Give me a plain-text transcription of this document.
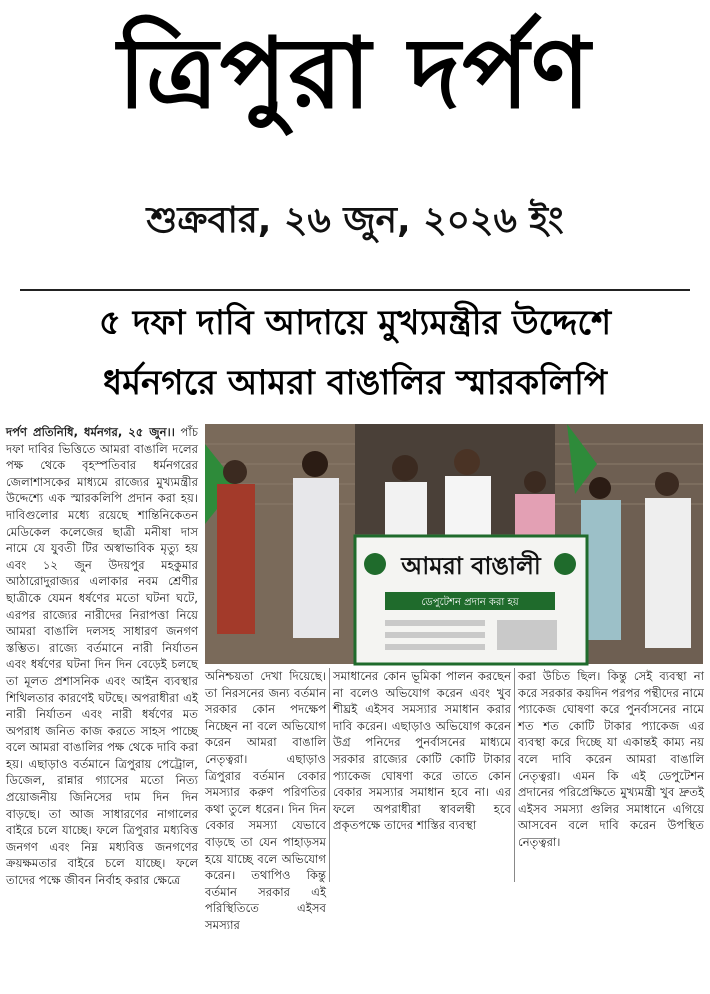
ত্রিপুরা দর্পণ
শুক্রবার, ২৬ জুন, ২০২৬ ইং
৫ দফা দাবি আদায়ে মুখ্যমন্ত্রীর উদ্দেশে
ধর্মনগরে আমরা বাঙালির স্মারকলিপি

দর্পণ প্রতিনিধি, ধর্মনগর, ২৫ জুন।। পাঁচ দফা দাবির ভিত্তিতে আমরা বাঙালি দলের পক্ষ থেকে বৃহস্পতিবার ধর্মনগরের জেলাশাসকের মাধ্যমে রাজ্যের মুখ্যমন্ত্রীর উদ্দেশ্যে এক স্মারকলিপি প্রদান করা হয়। দাবিগুলোর মধ্যে রয়েছে শান্তিনিকেতন মেডিকেল কলেজের ছাত্রী মনীষা দাস নামে যে যুবতী টির অস্বাভাবিক মৃত্যু হয় এবং ১২ জুন উদয়পুর মহকুমার আঠারোদুরাজ্যর এলাকার নবম শ্রেণীর ছাত্রীকে যেমন ধর্ষণের মতো ঘটনা ঘটে, এরপর রাজ্যের নারীদের নিরাপত্তা নিয়ে আমরা বাঙালি দলসহ সাধারণ জনগণ স্তম্ভিত। রাজ্যে বর্তমানে নারী নির্যাতন এবং ধর্ষণের ঘটনা দিন দিন বেড়েই চলছে তা মূলত প্রশাসনিক এবং আইন ব্যবস্থার শিথিলতার কারণেই ঘটছে। অপরাধীরা এই নারী নির্যাতন এবং নারী ধর্ষণের মত অপরাধ জনিত কাজ করতে সাহস পাচ্ছে বলে আমরা বাঙালির পক্ষ থেকে দাবি করা হয়। এছাড়াও বর্তমানে ত্রিপুরায় পেট্রোল, ডিজেল, রান্নার গ্যাসের মতো নিত্য প্রয়োজনীয় জিনিসের দাম দিন দিন বাড়ছে। তা আজ সাধারণের নাগালের বাইরে চলে যাচ্ছে। ফলে ত্রিপুরার মধ্যবিত্ত জনগণ এবং নিম্ন মধ্যবিত্ত জনগণের ক্রয়ক্ষমতার বাইরে চলে যাচ্ছে। ফলে তাদের পক্ষে জীবন নির্বাহ করার ক্ষেত্রে

আমরা বাঙালী
ডেপুটেশন প্রদান করা হয়

অনিশ্চয়তা দেখা দিয়েছে। তা নিরসনের জন্য বর্তমান সরকার কোন পদক্ষেপ নিচ্ছেন না বলে অভিযোগ করেন আমরা বাঙালি নেতৃত্বরা। এছাড়াও ত্রিপুরার বর্তমান বেকার সমস্যার করুণ পরিণতির কথা তুলে ধরেন। দিন দিন বেকার সমস্যা যেভাবে বাড়ছে তা যেন পাহাড়সম হয়ে যাচ্ছে বলে অভিযোগ করেন। তথাপিও কিন্তু বর্তমান সরকার এই পরিস্থিতিতে এইসব সমস্যার

সমাধানের কোন ভূমিকা পালন করছেন না বলেও অভিযোগ করেন এবং খুব শীঘ্রই এইসব সমস্যার সমাধান করার দাবি করেন। এছাড়াও অভিযোগ করেন উগ্র পনিদের পুনর্বাসনের মাধ্যমে সরকার রাজ্যের কোটি কোটি টাকার প্যাকেজ ঘোষণা করে তাতে কোন বেকার সমস্যার সমাধান হবে না। এর ফলে অপরাধীরা স্বাবলম্বী হবে প্রকৃতপক্ষে তাদের শাস্তির ব্যবস্থা

করা উচিত ছিল। কিন্তু সেই ব্যবস্থা না করে সরকার কয়দিন পরপর পন্থীদের নামে প্যাকেজ ঘোষণা করে পুনর্বাসনের নামে শত শত কোটি টাকার প্যাকেজ এর ব্যবস্থা করে দিচ্ছে যা একান্তই কাম্য নয় বলে দাবি করেন আমরা বাঙালি নেতৃত্বরা। এমন কি এই ডেপুটেশন প্রদানের পরিপ্রেক্ষিতে মুখ্যমন্ত্রী খুব দ্রুতই এইসব সমস্যা গুলির সমাধানে এগিয়ে আসবেন বলে দাবি করেন উপস্থিত নেতৃত্বরা।
